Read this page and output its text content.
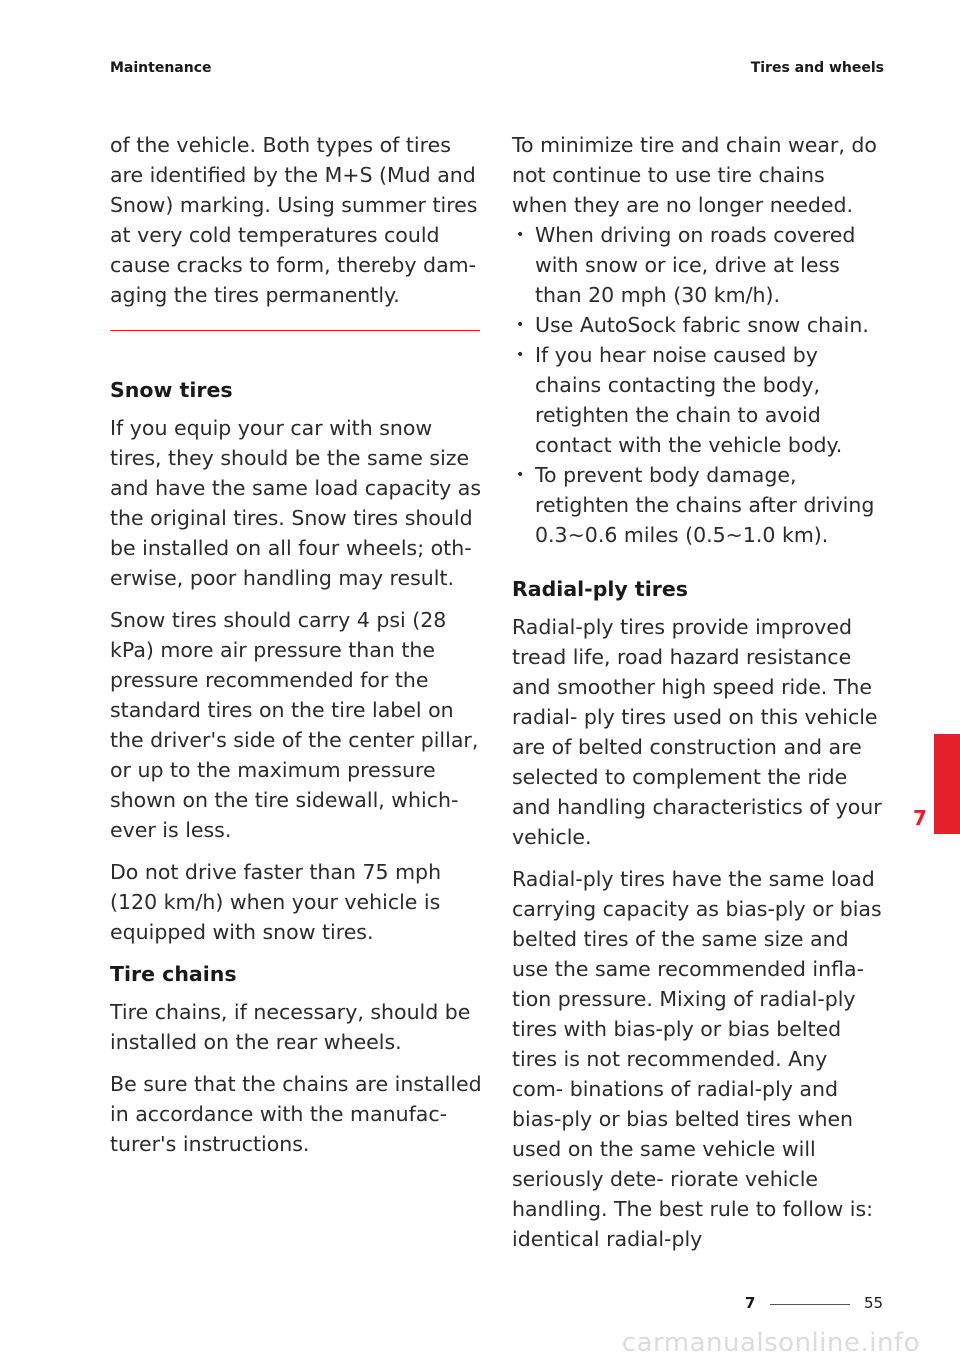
Maintenance	Tires and wheels

of the vehicle. Both types of tires are identified by the M+S (Mud and Snow) marking. Using summer tires at very cold temperatures could cause cracks to form, thereby dam- aging the tires permanently.

Snow tires

If you equip your car with snow tires, they should be the same size and have the same load capacity as the original tires. Snow tires should be installed on all four wheels; oth- erwise, poor handling may result.

Snow tires should carry 4 psi (28 kPa) more air pressure than the pressure recommended for the standard tires on the tire label on the driver's side of the center pillar, or up to the maximum pressure shown on the tire sidewall, which- ever is less.

Do not drive faster than 75 mph (120 km/h) when your vehicle is equipped with snow tires.

Tire chains

Tire chains, if necessary, should be installed on the rear wheels.

Be sure that the chains are installed in accordance with the manufac- turer's instructions.

To minimize tire and chain wear, do not continue to use tire chains when they are no longer needed.

• When driving on roads covered with snow or ice, drive at less than 20 mph (30 km/h).
• Use AutoSock fabric snow chain.
• If you hear noise caused by chains contacting the body, retighten the chain to avoid contact with the vehicle body.
• To prevent body damage, retighten the chains after driving 0.3~0.6 miles (0.5~1.0 km).
Radial-ply tires

Radial-ply tires provide improved tread life, road hazard resistance and smoother high speed ride. The radial- ply tires used on this vehicle are of belted construction and are selected to complement the ride and handling characteristics of your vehicle.

Radial-ply tires have the same load carrying capacity as bias-ply or bias belted tires of the same size and use the same recommended infla- tion pressure. Mixing of radial-ply tires with bias-ply or bias belted tires is not recommended. Any com- binations of radial-ply and bias-ply or bias belted tires when used on the same vehicle will seriously dete- riorate vehicle handling. The best rule to follow is: identical radial-ply

7
7	55
carmanualsonline.info
